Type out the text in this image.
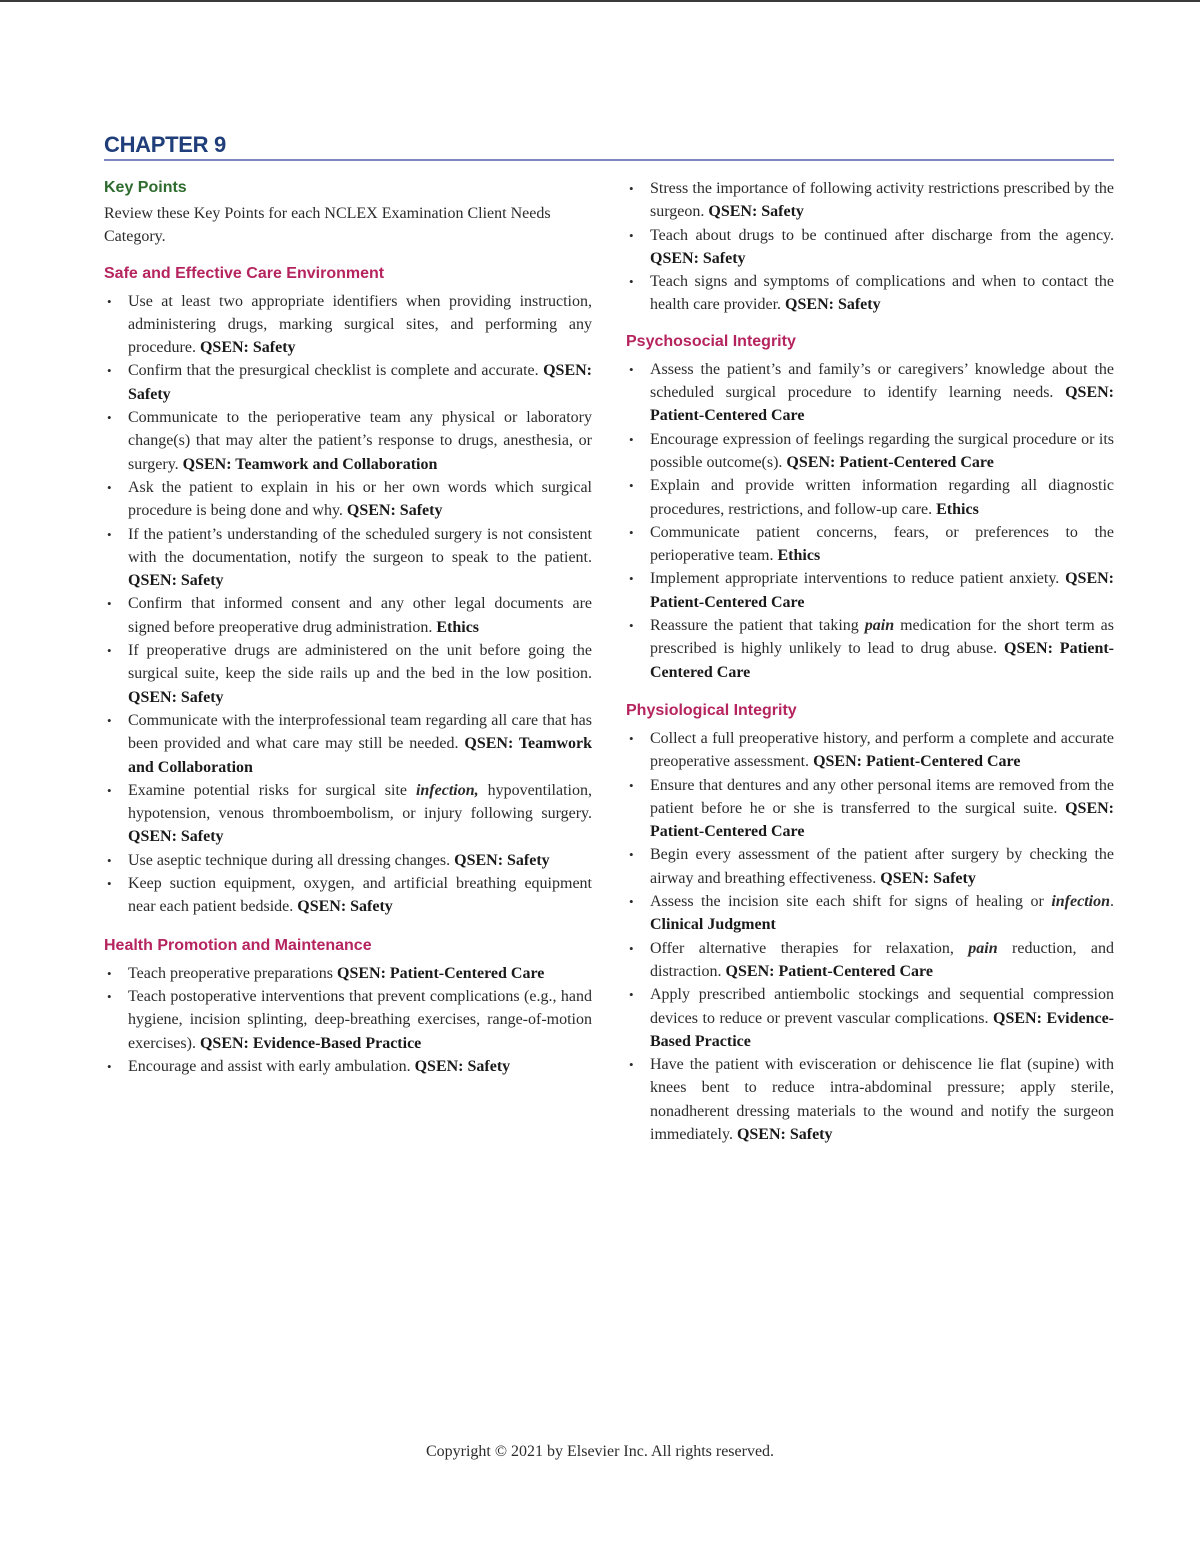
CHAPTER 9
Key Points

Review these Key Points for each NCLEX Examination Client Needs Category.

Safe and Effective Care Environment
• Use at least two appropriate identifiers when providing instruction, administering drugs, marking surgical sites, and performing any procedure. QSEN: Safety
• Confirm that the presurgical checklist is complete and accurate. QSEN: Safety
• Communicate to the perioperative team any physical or laboratory change(s) that may alter the patient’s response to drugs, anesthesia, or surgery. QSEN: Teamwork and Collaboration
• Ask the patient to explain in his or her own words which surgical procedure is being done and why. QSEN: Safety
• If the patient’s understanding of the scheduled surgery is not consistent with the documentation, notify the surgeon to speak to the patient. QSEN: Safety
• Confirm that informed consent and any other legal documents are signed before preoperative drug administration. Ethics
• If preoperative drugs are administered on the unit before going the surgical suite, keep the side rails up and the bed in the low position. QSEN: Safety
• Communicate with the interprofessional team regarding all care that has been provided and what care may still be needed. QSEN: Teamwork and Collaboration
• Examine potential risks for surgical site infection, hypoventilation, hypotension, venous thromboembolism, or injury following surgery. QSEN: Safety
• Use aseptic technique during all dressing changes. QSEN: Safety
• Keep suction equipment, oxygen, and artificial breathing equipment near each patient bedside. QSEN: Safety
Health Promotion and Maintenance
• Teach preoperative preparations QSEN: Patient-Centered Care
• Teach postoperative interventions that prevent complications (e.g., hand hygiene, incision splinting, deep-breathing exercises, range-of-motion exercises). QSEN: Evidence-Based Practice
• Encourage and assist with early ambulation. QSEN: Safety
• Stress the importance of following activity restrictions prescribed by the surgeon. QSEN: Safety
• Teach about drugs to be continued after discharge from the agency. QSEN: Safety
• Teach signs and symptoms of complications and when to contact the health care provider. QSEN: Safety
Psychosocial Integrity
• Assess the patient’s and family’s or caregivers’ knowledge about the scheduled surgical procedure to identify learning needs. QSEN: Patient-Centered Care
• Encourage expression of feelings regarding the surgical procedure or its possible outcome(s). QSEN: Patient-Centered Care
• Explain and provide written information regarding all diagnostic procedures, restrictions, and follow-up care. Ethics
• Communicate patient concerns, fears, or preferences to the perioperative team. Ethics
• Implement appropriate interventions to reduce patient anxiety. QSEN: Patient-Centered Care
• Reassure the patient that taking pain medication for the short term as prescribed is highly unlikely to lead to drug abuse. QSEN: Patient-Centered Care
Physiological Integrity
• Collect a full preoperative history, and perform a complete and accurate preoperative assessment. QSEN: Patient-Centered Care
• Ensure that dentures and any other personal items are removed from the patient before he or she is transferred to the surgical suite. QSEN: Patient-Centered Care
• Begin every assessment of the patient after surgery by checking the airway and breathing effectiveness. QSEN: Safety
• Assess the incision site each shift for signs of healing or infection. Clinical Judgment
• Offer alternative therapies for relaxation, pain reduction, and distraction. QSEN: Patient-Centered Care
• Apply prescribed antiembolic stockings and sequential compression devices to reduce or prevent vascular complications. QSEN: Evidence-Based Practice
• Have the patient with evisceration or dehiscence lie flat (supine) with knees bent to reduce intra-abdominal pressure; apply sterile, nonadherent dressing materials to the wound and notify the surgeon immediately. QSEN: Safety
Copyright © 2021 by Elsevier Inc. All rights reserved.
